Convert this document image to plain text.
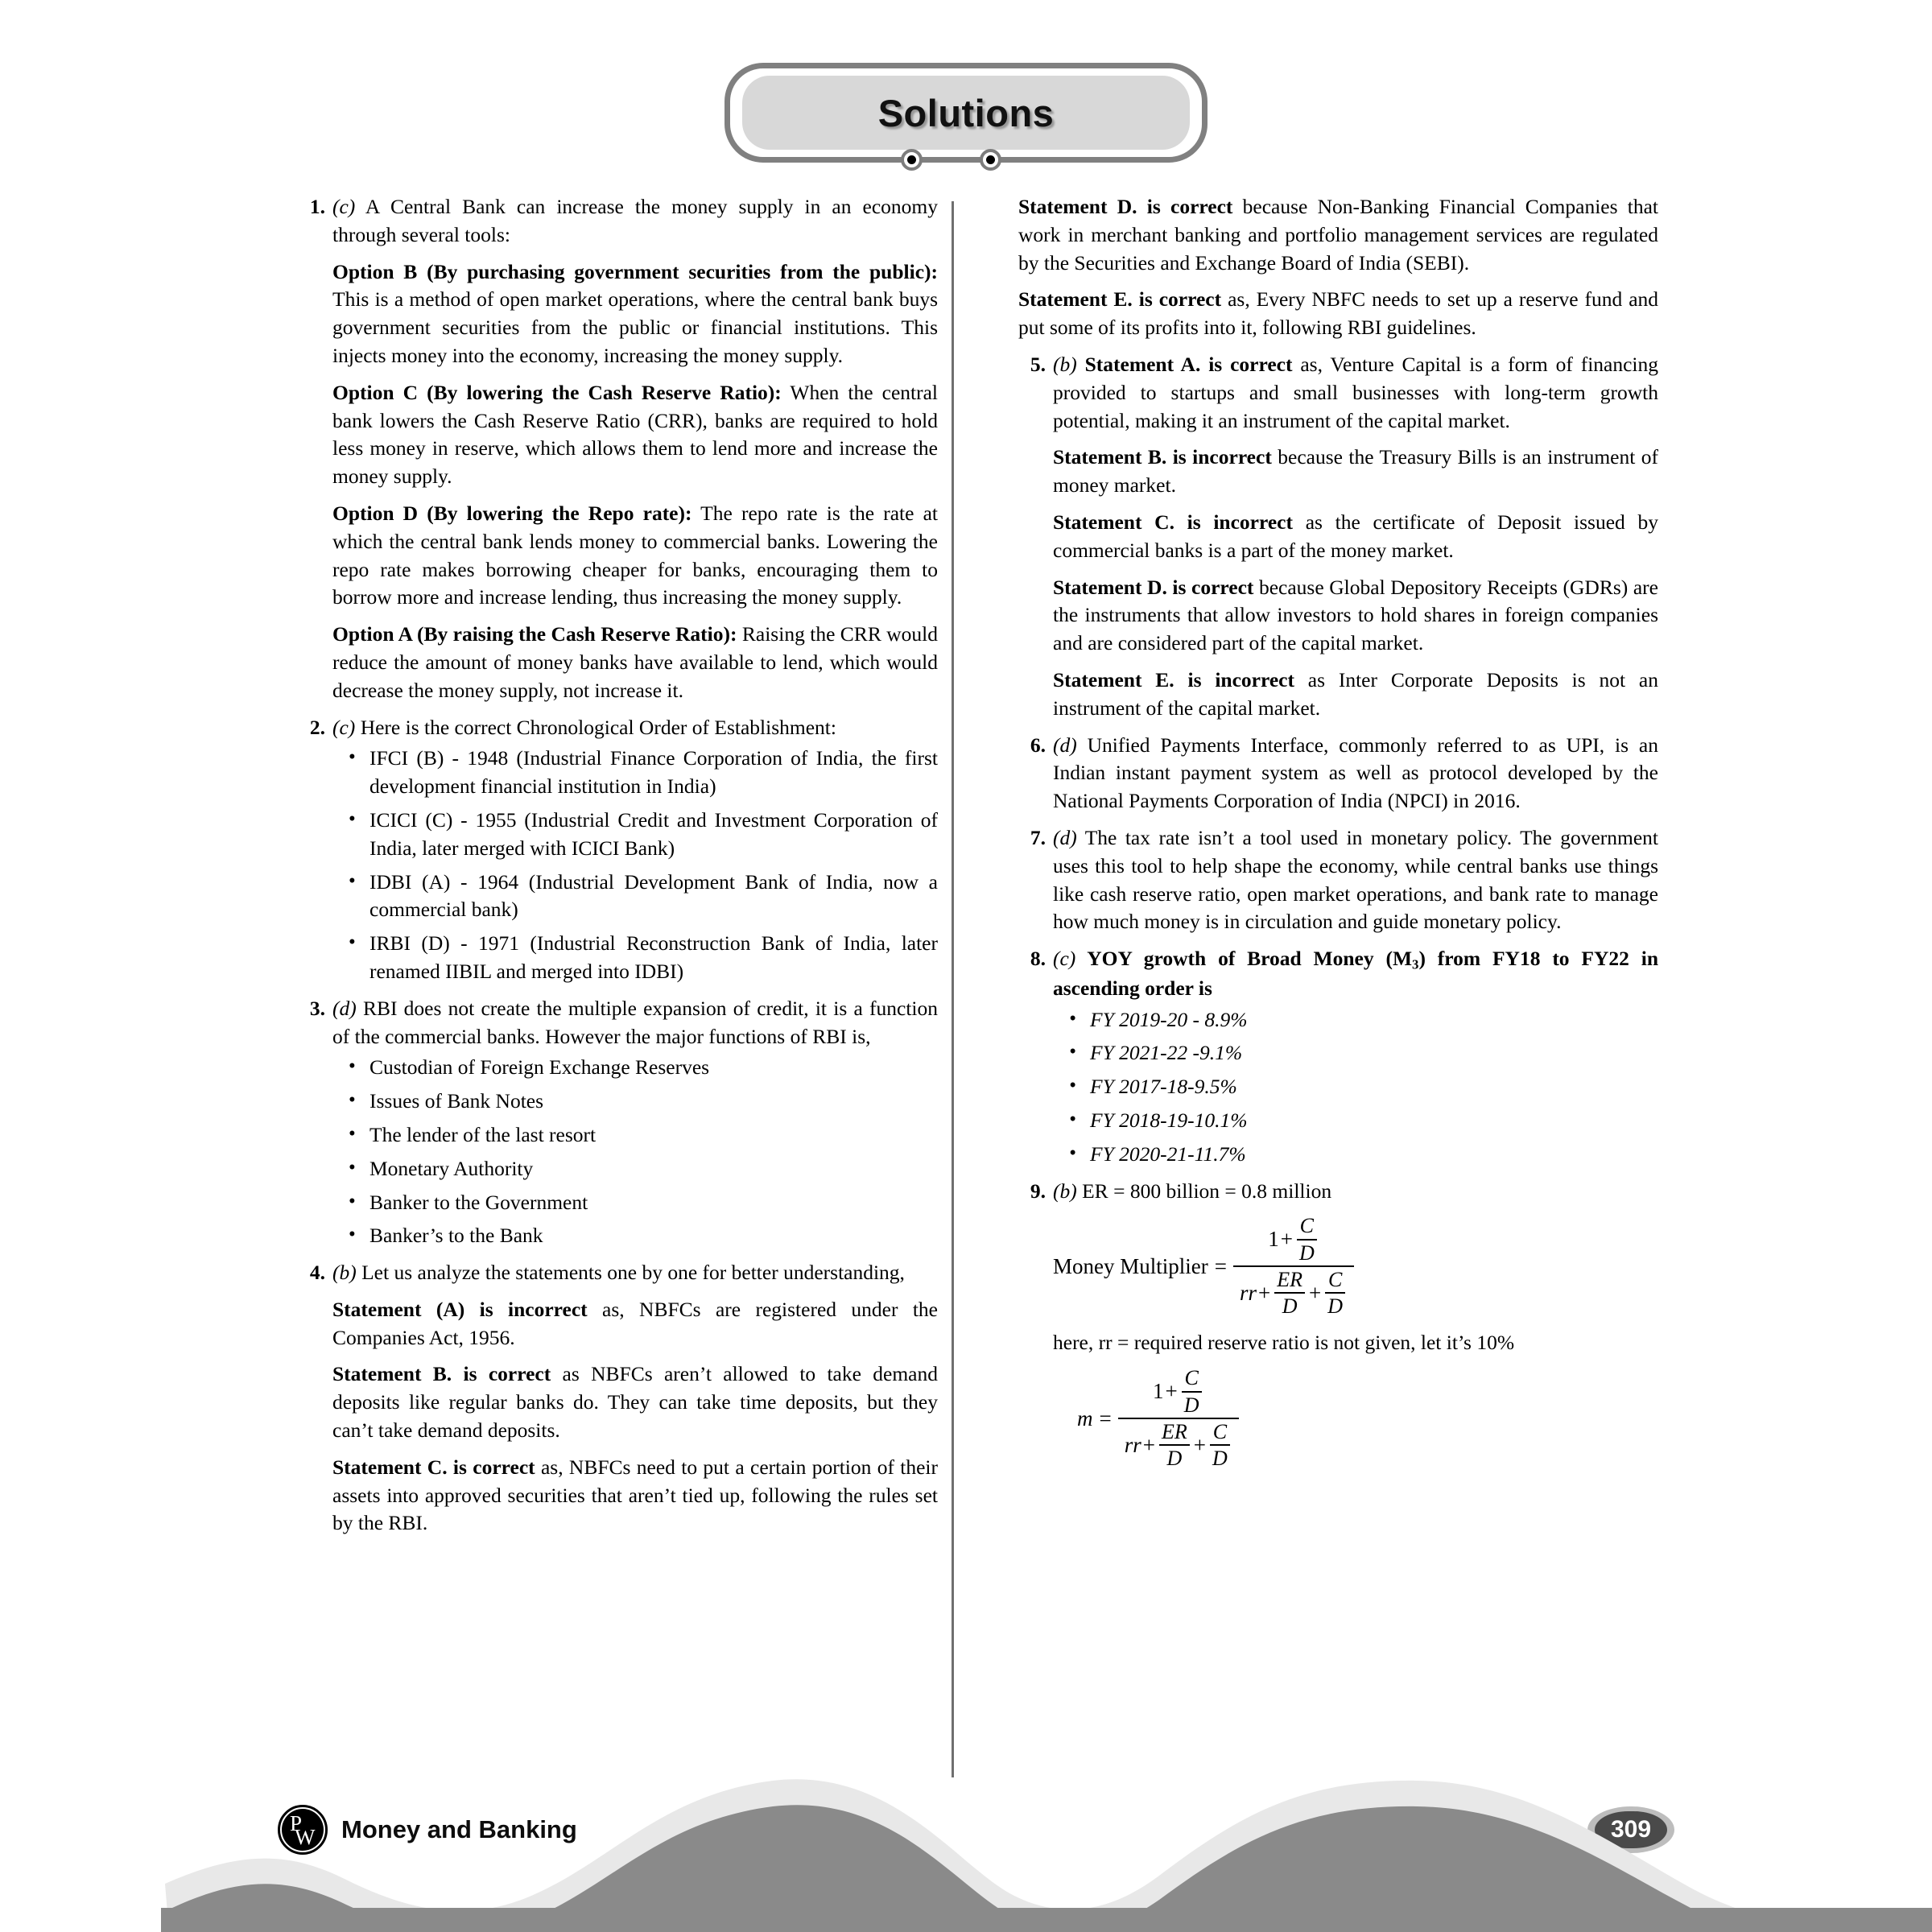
Solutions
1. (c) A Central Bank can increase the money supply in an economy through several tools:

Option B (By purchasing government securities from the public): This is a method of open market operations, where the central bank buys government securities from the public or financial institutions. This injects money into the economy, increasing the money supply.

Option C (By lowering the Cash Reserve Ratio): When the central bank lowers the Cash Reserve Ratio (CRR), banks are required to hold less money in reserve, which allows them to lend more and increase the money supply.

Option D (By lowering the Repo rate): The repo rate is the rate at which the central bank lends money to commercial banks. Lowering the repo rate makes borrowing cheaper for banks, encouraging them to borrow more and increase lending, thus increasing the money supply.

Option A (By raising the Cash Reserve Ratio): Raising the CRR would reduce the amount of money banks have available to lend, which would decrease the money supply, not increase it.

2. (c) Here is the correct Chronological Order of Establishment:

• IFCI (B) - 1948 (Industrial Finance Corporation of India, the first development financial institution in India)
• ICICI (C) - 1955 (Industrial Credit and Investment Corporation of India, later merged with ICICI Bank)
• IDBI (A) - 1964 (Industrial Development Bank of India, now a commercial bank)
• IRBI (D) - 1971 (Industrial Reconstruction Bank of India, later renamed IIBIL and merged into IDBI)
3. (d) RBI does not create the multiple expansion of credit, it is a function of the commercial banks. However the major functions of RBI is,

• Custodian of Foreign Exchange Reserves
• Issues of Bank Notes
• The lender of the last resort
• Monetary Authority
• Banker to the Government
• Banker’s to the Bank
4. (b) Let us analyze the statements one by one for better understanding,

Statement (A) is incorrect as, NBFCs are registered under the Companies Act, 1956.

Statement B. is correct as NBFCs aren’t allowed to take demand deposits like regular banks do. They can take time deposits, but they can’t take demand deposits.

Statement C. is correct as, NBFCs need to put a certain portion of their assets into approved securities that aren’t tied up, following the rules set by the RBI.

Statement D. is correct because Non-Banking Financial Companies that work in merchant banking and portfolio management services are regulated by the Securities and Exchange Board of India (SEBI).

Statement E. is correct as, Every NBFC needs to set up a reserve fund and put some of its profits into it, following RBI guidelines.

5. (b) Statement A. is correct as, Venture Capital is a form of financing provided to startups and small businesses with long-term growth potential, making it an instrument of the capital market.

Statement B. is incorrect because the Treasury Bills is an instrument of money market.

Statement C. is incorrect as the certificate of Deposit issued by commercial banks is a part of the money market.

Statement D. is correct because Global Depository Receipts (GDRs) are the instruments that allow investors to hold shares in foreign companies and are considered part of the capital market.

Statement E. is incorrect as Inter Corporate Deposits is not an instrument of the capital market.

6. (d) Unified Payments Interface, commonly referred to as UPI, is an Indian instant payment system as well as protocol developed by the National Payments Corporation of India (NPCI) in 2016.

7. (d) The tax rate isn’t a tool used in monetary policy. The government uses this tool to help shape the economy, while central banks use things like cash reserve ratio, open market operations, and bank rate to manage how much money is in circulation and guide monetary policy.

8. (c) YOY growth of Broad Money $(M_3)$ from FY18 to FY22 in ascending order is

• FY 2019-20 - 8.9%
• FY 2021-22 -9.1%
• FY 2017-18-9.5%
• FY 2018-19-10.1%
• FY 2020-21-11.7%
9. (b) ER = 800 billion = 0.8 million

Money Multiplier = 1 +
C
D
rr +
ER
D
+
C
D

here, rr = required reserve ratio is not given, let it’s 10%

m = 1 +
C
D
rr +
ER
D
+
C
D
P
W Money and Banking	309
